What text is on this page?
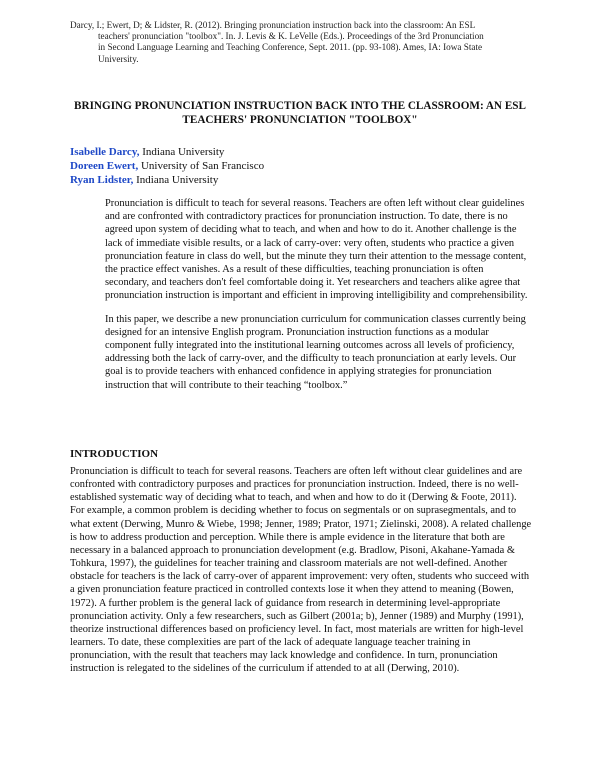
Darcy, I.; Ewert, D; & Lidster, R. (2012). Bringing pronunciation instruction back into the classroom: An ESL
teachers' pronunciation "toolbox". In. J. Levis & K. LeVelle (Eds.). Proceedings of the 3rd Pronunciation
in Second Language Learning and Teaching Conference, Sept. 2011. (pp. 93-108). Ames, IA: Iowa State
University.
BRINGING PRONUNCIATION INSTRUCTION BACK INTO THE CLASSROOM: AN ESL TEACHERS' PRONUNCIATION "TOOLBOX"
Isabelle Darcy, Indiana University
Doreen Ewert, University of San Francisco
Ryan Lidster, Indiana University

Pronunciation is difficult to teach for several reasons. Teachers are often left without clear guidelines and are confronted with contradictory practices for pronunciation instruction. To date, there is no agreed upon system of deciding what to teach, and when and how to do it. Another challenge is the lack of immediate visible results, or a lack of carry-over: very often, students who practice a given pronunciation feature in class do well, but the minute they turn their attention to the message content, the practice effect vanishes. As a result of these difficulties, teaching pronunciation is often secondary, and teachers don't feel comfortable doing it. Yet researchers and teachers alike agree that pronunciation instruction is important and efficient in improving intelligibility and comprehensibility.

In this paper, we describe a new pronunciation curriculum for communication classes currently being designed for an intensive English program. Pronunciation instruction functions as a modular component fully integrated into the institutional learning outcomes across all levels of proficiency, addressing both the lack of carry-over, and the difficulty to teach pronunciation at early levels. Our goal is to provide teachers with enhanced confidence in applying strategies for pronunciation instruction that will contribute to their teaching “toolbox.”

INTRODUCTION

Pronunciation is difficult to teach for several reasons. Teachers are often left without clear guidelines and are confronted with contradictory purposes and practices for pronunciation instruction. Indeed, there is no well-established systematic way of deciding what to teach, and when and how to do it (Derwing & Foote, 2011). For example, a common problem is deciding whether to focus on segmentals or on suprasegmentals, and to what extent (Derwing, Munro & Wiebe, 1998; Jenner, 1989; Prator, 1971; Zielinski, 2008). A related challenge is how to address production and perception. While there is ample evidence in the literature that both are necessary in a balanced approach to pronunciation development (e.g. Bradlow, Pisoni, Akahane-Yamada & Tohkura, 1997), the guidelines for teacher training and classroom materials are not well-defined. Another obstacle for teachers is the lack of carry-over of apparent improvement: very often, students who succeed with a given pronunciation feature practiced in controlled contexts lose it when they attend to meaning (Bowen, 1972). A further problem is the general lack of guidance from research in determining level-appropriate pronunciation activity. Only a few researchers, such as Gilbert (2001a; b), Jenner (1989) and Murphy (1991), theorize instructional differences based on proficiency level. In fact, most materials are written for high-level learners. To date, these complexities are part of the lack of adequate language teacher training in pronunciation, with the result that teachers may lack knowledge and confidence. In turn, pronunciation instruction is relegated to the sidelines of the curriculum if attended to at all (Derwing, 2010).
